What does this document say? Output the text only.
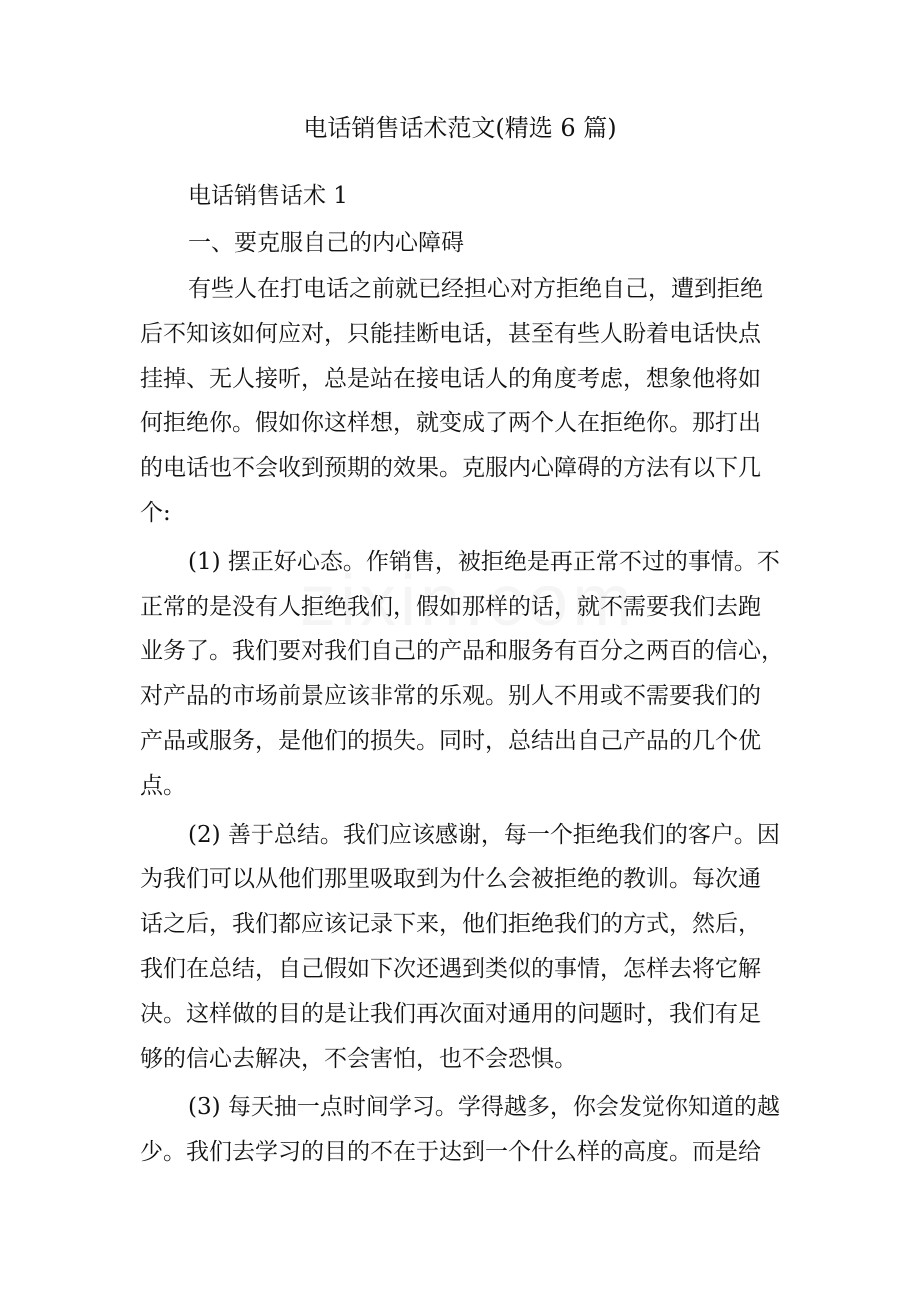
电话销售话术范文(精选 6 篇)

电话销售话术 1

一、要克服自己的内心障碍

有些人在打电话之前就已经担心对方拒绝自己，遭到拒绝
后不知该如何应对，只能挂断电话，甚至有些人盼着电话快点
挂掉、无人接听，总是站在接电话人的角度考虑，想象他将如
何拒绝你。假如你这样想，就变成了两个人在拒绝你。那打出
的电话也不会收到预期的效果。克服内心障碍的方法有以下几
个:

(1) 摆正好心态。作销售，被拒绝是再正常不过的事情。不
正常的是没有人拒绝我们，假如那样的话，就不需要我们去跑
业务了。我们要对我们自己的产品和服务有百分之两百的信心，
对产品的市场前景应该非常的乐观。别人不用或不需要我们的
产品或服务，是他们的损失。同时，总结出自己产品的几个优
点。

(2) 善于总结。我们应该感谢，每一个拒绝我们的客户。因
为我们可以从他们那里吸取到为什么会被拒绝的教训。每次通
话之后，我们都应该记录下来，他们拒绝我们的方式，然后，
我们在总结，自己假如下次还遇到类似的事情，怎样去将它解
决。这样做的目的是让我们再次面对通用的问题时，我们有足
够的信心去解决，不会害怕，也不会恐惧。

(3) 每天抽一点时间学习。学得越多，你会发觉你知道的越
少。我们去学习的目的不在于达到一个什么样的高度。而是给
